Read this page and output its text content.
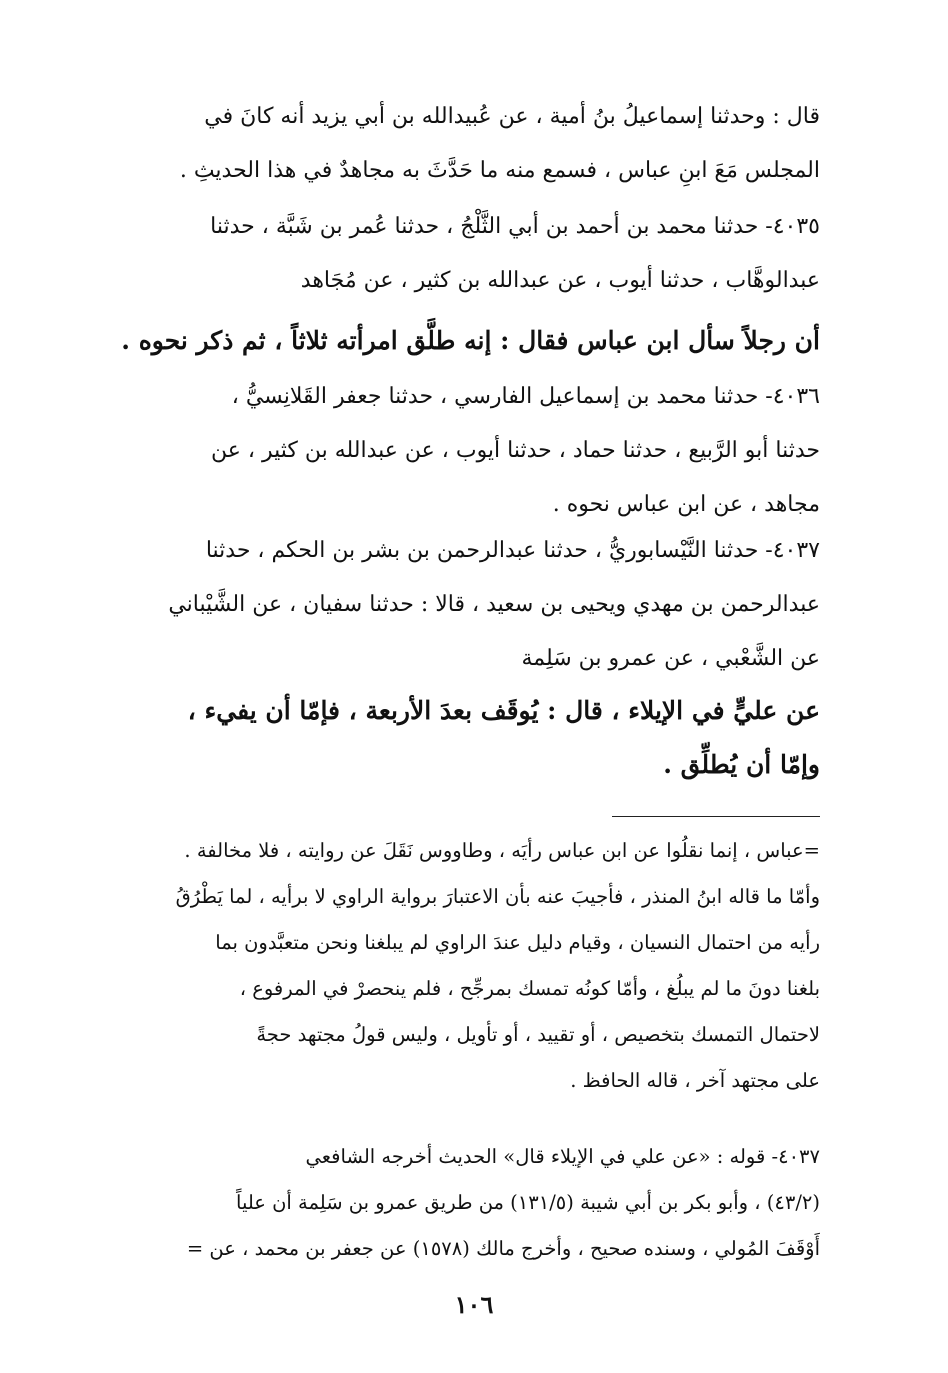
قال : وحدثنا إسماعيلُ بنُ أمية ، عن عُبيدالله بن أبي يزيد أنه كانَ في
المجلس مَعَ ابنِ عباس ، فسمع منه ما حَدَّثَ به مجاهدٌ في هذا الحديثِ .
٤٠٣٥- حدثنا محمد بن أحمد بن أبي الثَّلْجُ ، حدثنا عُمر بن شَبَّة ، حدثنا
عبدالوهَّاب ، حدثنا أيوب ، عن عبدالله بن كثير ، عن مُجَاهد
أن رجلاً سأل ابن عباس فقال : إنه طلَّق امرأته ثلاثاً ، ثم ذكر نحوه .
٤٠٣٦- حدثنا محمد بن إسماعيل الفارسي ، حدثنا جعفر القَلانِسيُّ ،
حدثنا أبو الرَّبيع ، حدثنا حماد ، حدثنا أيوب ، عن عبدالله بن كثير ، عن
مجاهد ، عن ابن عباس نحوه .
٤٠٣٧- حدثنا النَّيْسابوريُّ ، حدثنا عبدالرحمن بن بشر بن الحكم ، حدثنا
عبدالرحمن بن مهدي ويحيى بن سعيد ، قالا : حدثنا سفيان ، عن الشَّيْباني
عن الشَّعْبي ، عن عمرو بن سَلِمة
عن عليٍّ في الإيلاء ، قال : يُوقَف بعدَ الأربعة ، فإمّا أن يفيء ،
وإمّا أن يُطلِّق .
=عباس ، إنما نقلُوا عن ابن عباس رأيَه ، وطاووس نَقَلَ عن روايته ، فلا مخالفة .
وأمّا ما قاله ابنُ المنذر ، فأجيبَ عنه بأن الاعتبارَ برواية الراوي لا برأيه ، لما يَطْرُقُ
رأيه من احتمال النسيان ، وقيام دليل عندَ الراوي لم يبلغنا ونحن متعبَّدون بما
بلغنا دونَ ما لم يبلُغ ، وأمّا كونُه تمسك بمرجِّح ، فلم ينحصرْ في المرفوع ،
لاحتمال التمسك بتخصيص ، أو تقييد ، أو تأويل ، وليس قولُ مجتهد حجةً
على مجتهد آخر ، قاله الحافظ .
٤٠٣٧- قوله : «عن علي في الإيلاء قال» الحديث أخرجه الشافعي
(٤٣/٢) ، وأبو بكر بن أبي شيبة (١٣١/٥) من طريق عمرو بن سَلِمة أن علياً
أَوْقَفَ المُولي ، وسنده صحيح ، وأخرج مالك (١٥٧٨) عن جعفر بن محمد ، عن =
١٠٦
